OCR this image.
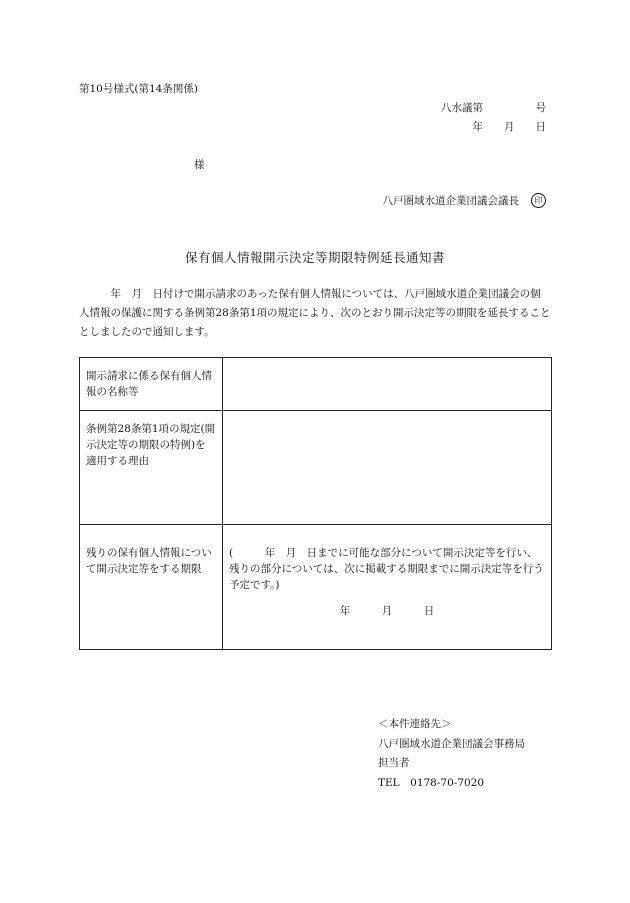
第10号様式(第14条関係)
八水議第　　　　　号
年　　月　　日
様
八戸圏域水道企業団議会議長	印
保有個人情報開示決定等期限特例延長通知書
　　　年　月　日付けで開示請求のあった保有個人情報については、八戸圏域水道企業団議会の個人情報の保護に関する条例第28条第1項の規定により、次のとおり開示決定等の期限を延長することとしましたので通知します。
開示請求に係る保有個人情報の名称等	
条例第28条第1項の規定(開示決定等の期限の特例)を適用する理由	
残りの保有個人情報について開示決定等をする期限	(　　　年　月　日までに可能な部分について開示決定等を行い、残りの部分については、次に掲載する期限までに開示決定等を行う予定です。)
年　　　月　　　日
＜本件連絡先＞
八戸圏域水道企業団議会事務局
担当者
TEL　0178-70-7020
